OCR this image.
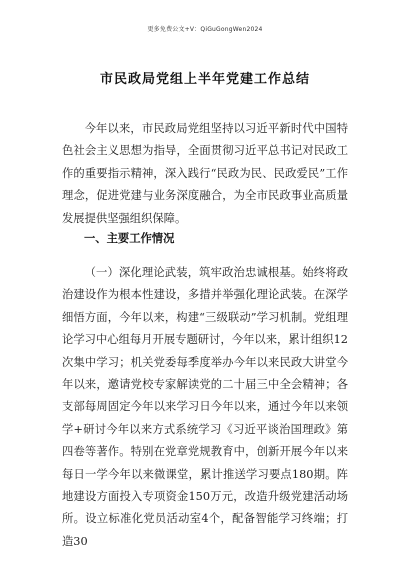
更多免费公文+V：QiGuGongWen2024
市民政局党组上半年党建工作总结

今年以来，市民政局党组坚持以习近平新时代中国特色社会主义思想为指导，全面贯彻习近平总书记对民政工作的重要指示精神，深入践行“民政为民、民政爱民”工作理念，促进党建与业务深度融合，为全市民政事业高质量发展提供坚强组织保障。

一、主要工作情况

（一）深化理论武装，筑牢政治忠诚根基。始终将政治建设作为根本性建设，多措并举强化理论武装。在深学细悟方面，今年以来，构建“三级联动”学习机制。党组理论学习中心组每月开展专题研讨，今年以来，累计组织12次集中学习；机关党委每季度举办今年以来民政大讲堂今年以来，邀请党校专家解读党的二十届三中全会精神；各支部每周固定今年以来学习日今年以来，通过今年以来领学+研讨今年以来方式系统学习《习近平谈治国理政》第四卷等著作。特别在党章党规教育中，创新开展今年以来每日一学今年以来微课堂，累计推送学习要点180期。阵地建设方面投入专项资金150万元，改造升级党建活动场所。设立标准化党员活动室4个，配备智能学习终端；打造30
